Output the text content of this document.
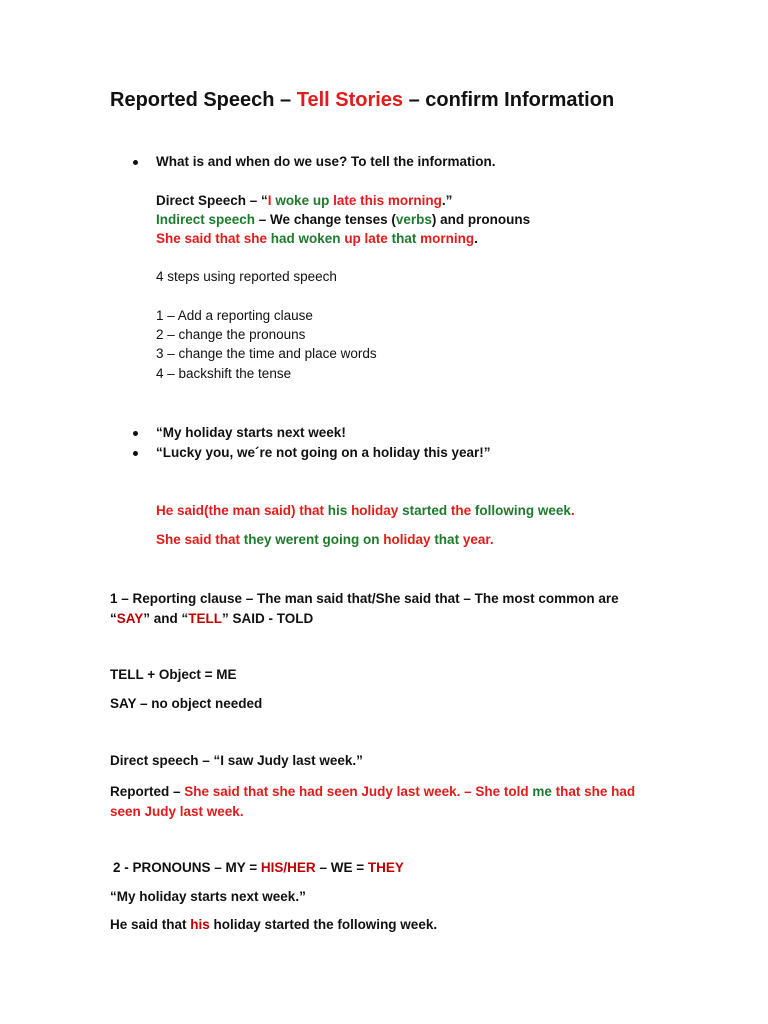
Reported Speech – Tell Stories – confirm Information
What is and when do we use? To tell the information.
Direct Speech – “I woke up late this morning.”
Indirect speech – We change tenses (verbs) and pronouns
She said that she had woken up late that morning.
4 steps using reported speech
1 – Add a reporting clause
2 – change the pronouns
3 – change the time and place words
4 – backshift the tense
“My holiday starts next week!
“Lucky you, we´re not going on a holiday this year!”
He said(the man said) that his holiday started the following week.
She said that they werent going on holiday that year.
1 – Reporting clause – The man said that/She said that – The most common are “SAY” and “TELL” SAID - TOLD
TELL + Object = ME
SAY – no object needed
Direct speech – “I saw Judy last week.”
Reported – She said that she had seen Judy last week. – She told me that she had seen Judy last week.
2 - PRONOUNS – MY = HIS/HER – WE = THEY
“My holiday starts next week.”
He said that his holiday started the following week.
